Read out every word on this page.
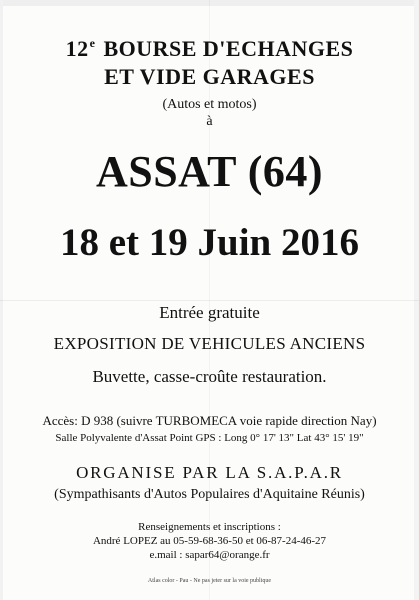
12e BOURSE D'ECHANGES
ET VIDE GARAGES
(Autos et motos)
à
ASSAT (64)
18 et 19 Juin 2016
Entrée gratuite
EXPOSITION DE VEHICULES ANCIENS
Buvette, casse-croûte restauration.
Accès: D 938 (suivre TURBOMECA voie rapide direction Nay)
Salle Polyvalente d'Assat Point GPS : Long 0° 17' 13" Lat 43° 15' 19"
ORGANISE PAR LA S.A.P.A.R
(Sympathisants d'Autos Populaires d'Aquitaine Réunis)
Renseignements et inscriptions :
André LOPEZ au 05-59-68-36-50 et 06-87-24-46-27
e.mail : sapar64@orange.fr
Atlas color - Pau - Ne pas jeter sur la voie publique
